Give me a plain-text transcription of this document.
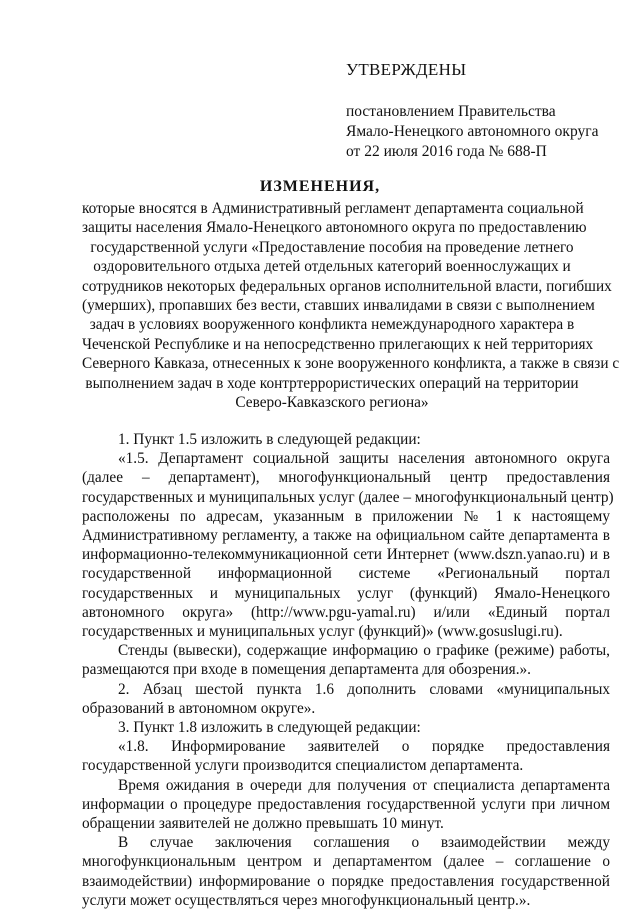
УТВЕРЖДЕНЫ
постановлением Правительства
Ямало-Ненецкого автономного округа
от 22 июля 2016 года № 688-П
ИЗМЕНЕНИЯ,
которые вносятся в Административный регламент департамента социальной
защиты населения Ямало-Ненецкого автономного округа по предоставлению
государственной услуги «Предоставление пособия на проведение летнего
оздоровительного отдыха детей отдельных категорий военнослужащих и
сотрудников некоторых федеральных органов исполнительной власти, погибших
(умерших), пропавших без вести, ставших инвалидами в связи с выполнением
задач в условиях вооруженного конфликта немеждународного характера в
Чеченской Республике и на непосредственно прилегающих к ней территориях
Северного Кавказа, отнесенных к зоне вооруженного конфликта, а также в связи с
выполнением задач в ходе контртеррористических операций на территории
Северо-Кавказского региона»
1. Пункт 1.5 изложить в следующей редакции:
«1.5. Департамент социальной защиты населения автономного округа
(далее – департамент), многофункциональный центр предоставления
государственных и муниципальных услуг (далее – многофункциональный центр)
расположены по адресам, указанным в приложении № 1 к настоящему
Административному регламенту, а также на официальном сайте департамента в
информационно-телекоммуникационной сети Интернет (www.dszn.yanao.ru) и в
государственной информационной системе «Региональный портал
государственных и муниципальных услуг (функций) Ямало-Ненецкого
автономного округа» (http://www.pgu-yamal.ru) и/или «Единый портал
государственных и муниципальных услуг (функций)» (www.gosuslugi.ru).
Стенды (вывески), содержащие информацию о графике (режиме) работы,
размещаются при входе в помещения департамента для обозрения.».
2. Абзац шестой пункта 1.6 дополнить словами «муниципальных
образований в автономном округе».
3. Пункт 1.8 изложить в следующей редакции:
«1.8. Информирование заявителей о порядке предоставления
государственной услуги производится специалистом департамента.
Время ожидания в очереди для получения от специалиста департамента
информации о процедуре предоставления государственной услуги при личном
обращении заявителей не должно превышать 10 минут.
В случае заключения соглашения о взаимодействии между
многофункциональным центром и департаментом (далее – соглашение о
взаимодействии) информирование о порядке предоставления государственной
услуги может осуществляться через многофункциональный центр.».
